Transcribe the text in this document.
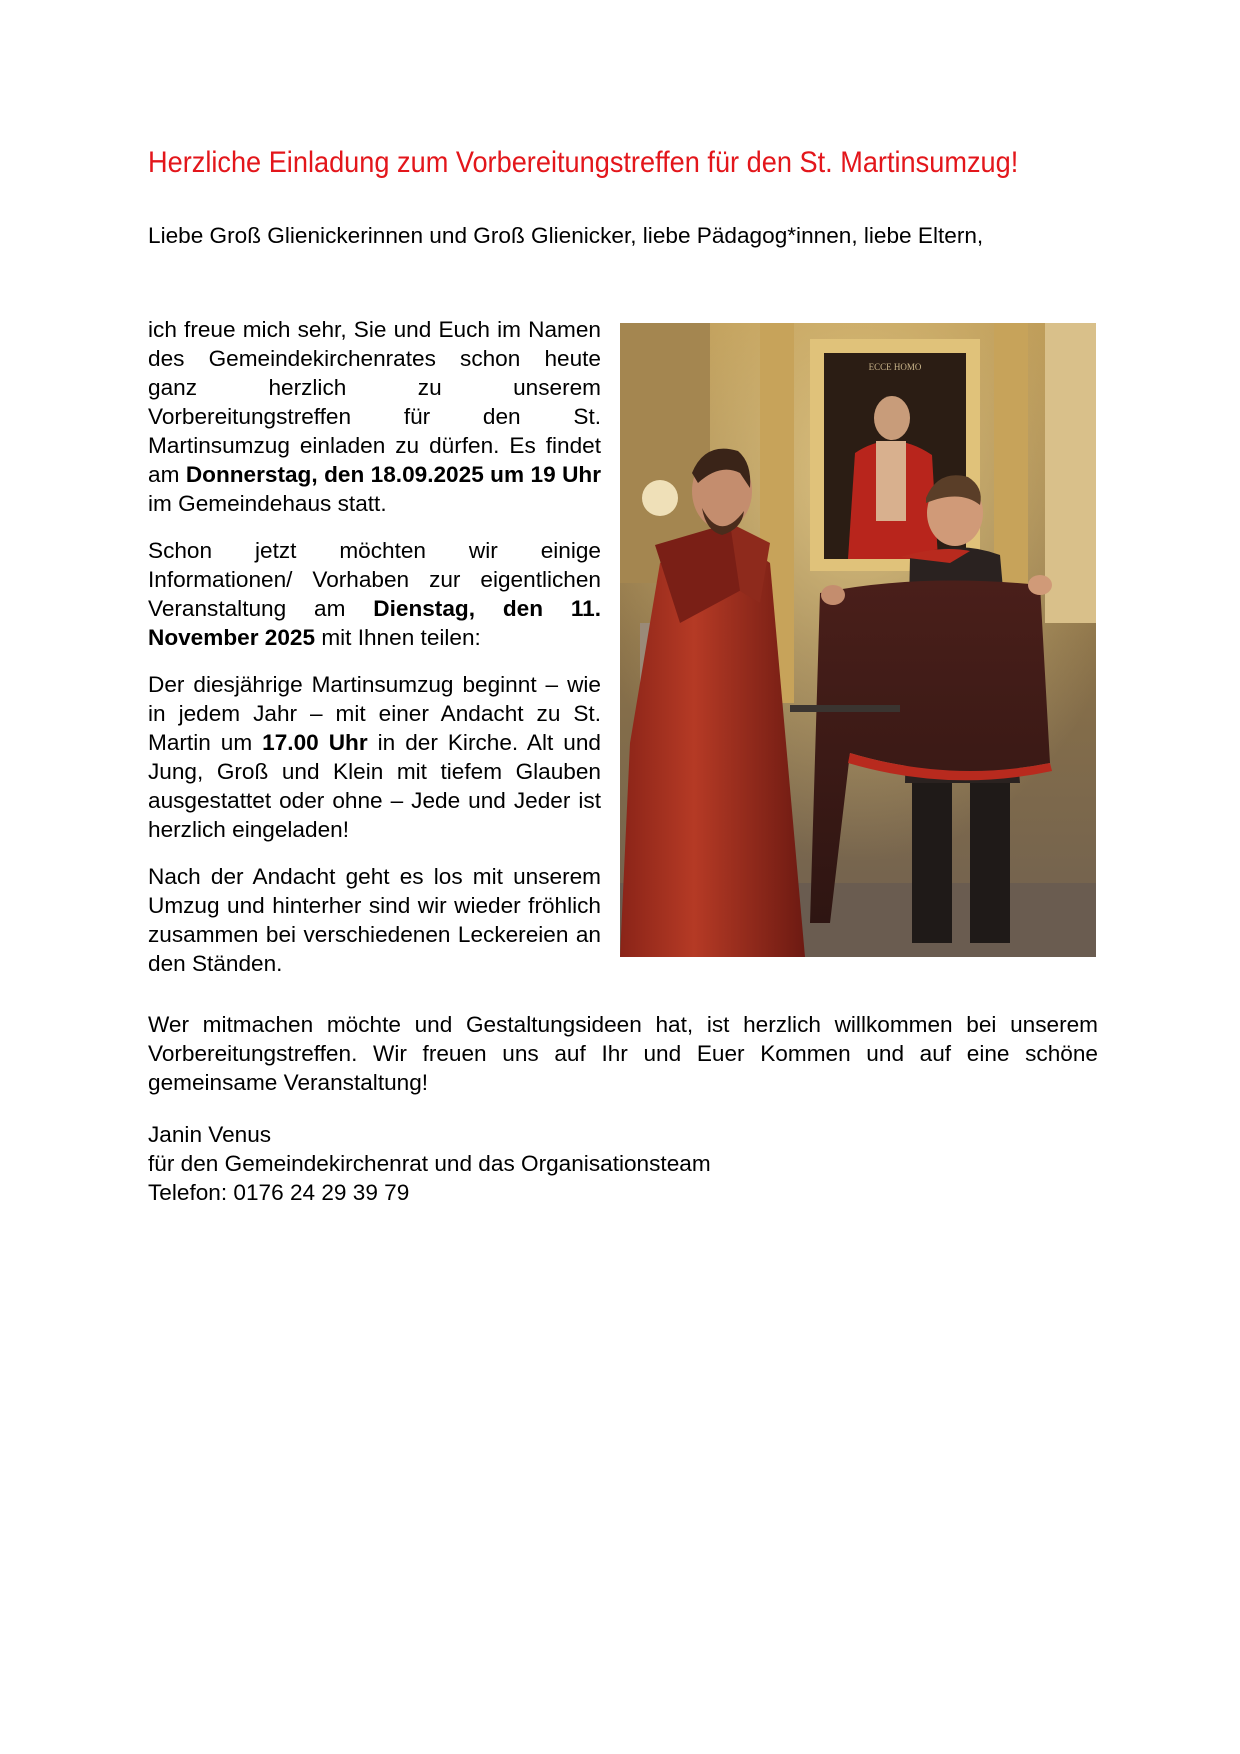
Herzliche Einladung zum Vorbereitungstreffen für den St. Martinsumzug!
Liebe Groß Glienickerinnen und Groß Glienicker, liebe Pädagog*innen, liebe Eltern,

ich freue mich sehr, Sie und Euch im Namen des Gemeindekirchenrates schon heute ganz herzlich zu unserem Vorbereitungstreffen für den St. Martinsumzug einladen zu dürfen. Es findet am Donnerstag, den 18.09.2025 um 19 Uhr im Gemeindehaus statt.

Schon jetzt möchten wir einige Informationen/ Vorhaben zur eigentlichen Veranstaltung am Dienstag, den 11. November 2025 mit Ihnen teilen:

Der diesjährige Martinsumzug beginnt – wie in jedem Jahr – mit einer Andacht zu St. Martin um 17.00 Uhr in der Kirche. Alt und Jung, Groß und Klein mit tiefem Glauben ausgestattet oder ohne – Jede und Jeder ist herzlich eingeladen!

Nach der Andacht geht es los mit unserem Umzug und hinterher sind wir wieder fröhlich zusammen bei verschiedenen Leckereien an den Ständen.

ECCE HOMO

Wer mitmachen möchte und Gestaltungsideen hat, ist herzlich willkommen bei unserem Vorbereitungstreffen. Wir freuen uns auf Ihr und Euer Kommen und auf eine schöne gemeinsame Veranstaltung!

Janin Venus
für den Gemeindekirchenrat und das Organisationsteam
Telefon: 0176 24 29 39 79
